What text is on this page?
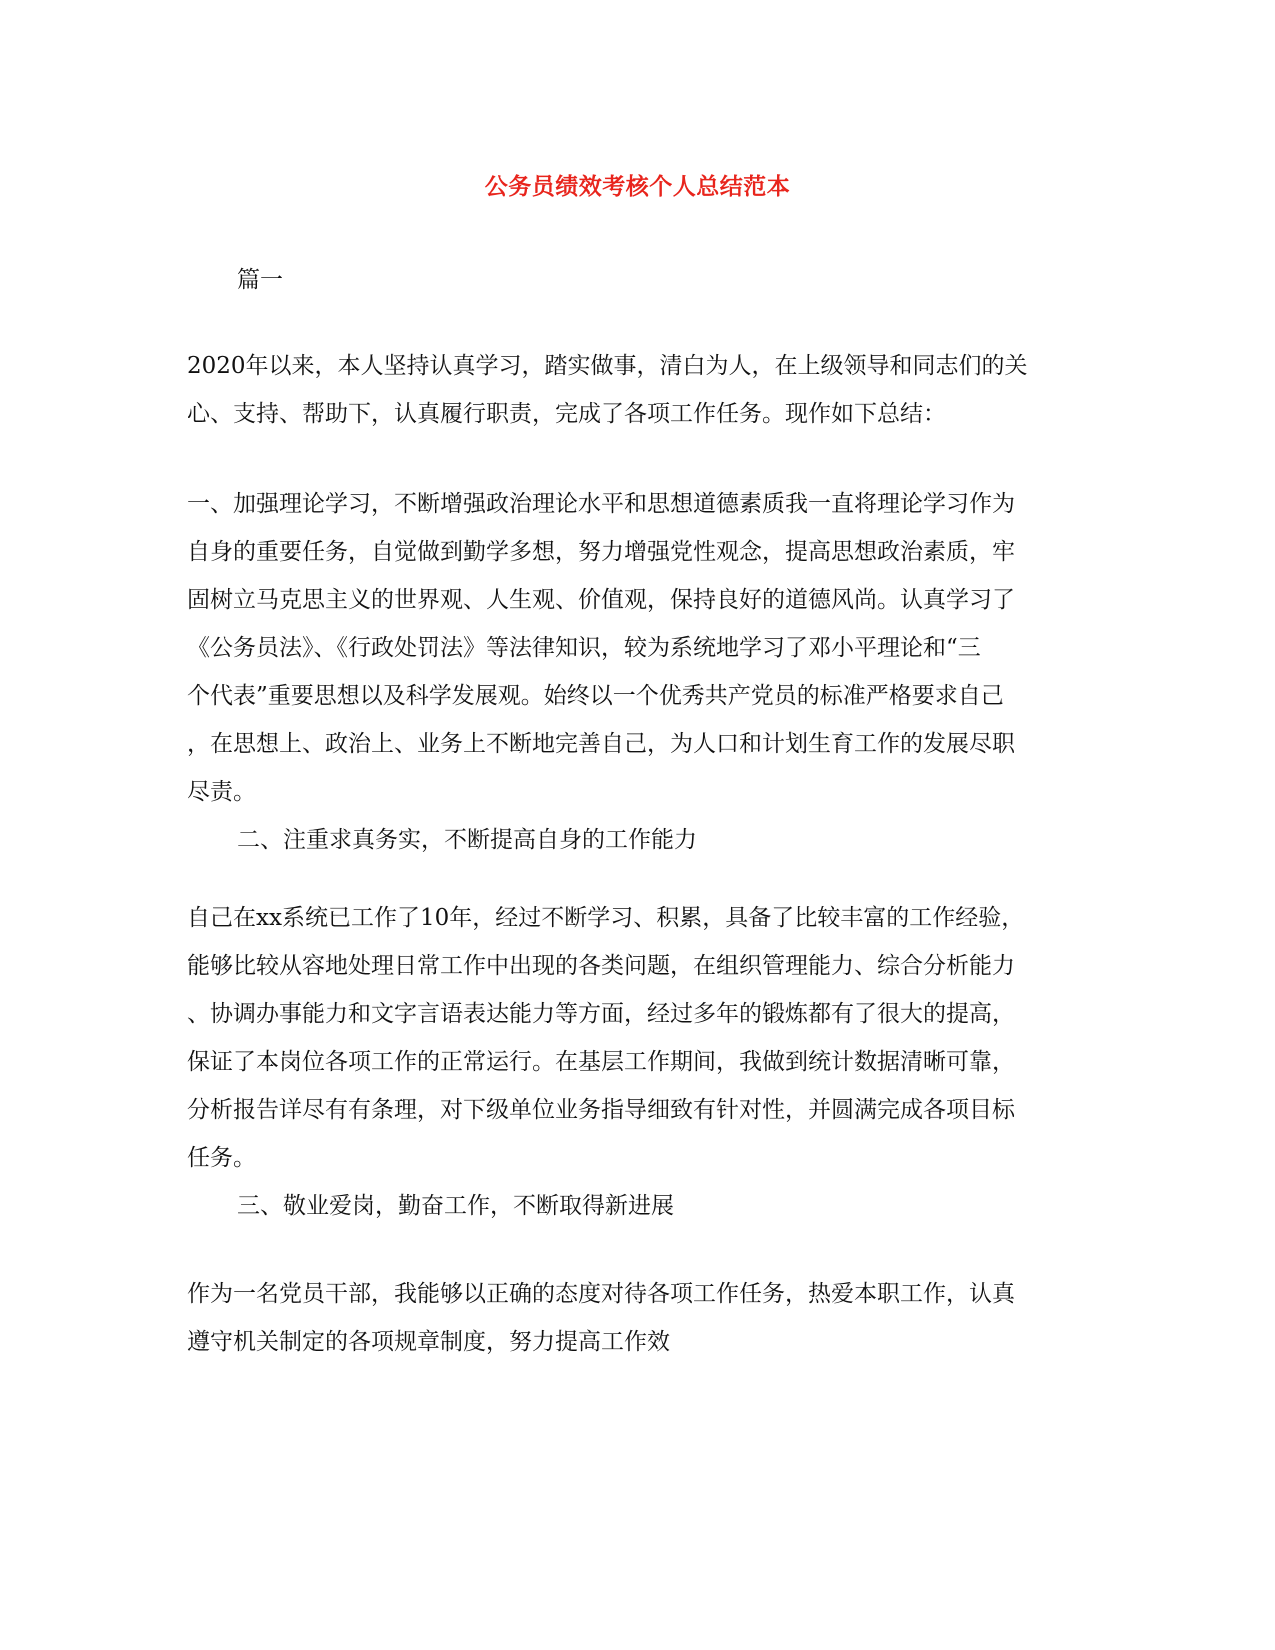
公务员绩效考核个人总结范本
篇一
2020年以来，本人坚持认真学习，踏实做事，清白为人，在上级领导和同志们的关
心、支持、帮助下，认真履行职责，完成了各项工作任务。现作如下总结：
一、加强理论学习，不断增强政治理论水平和思想道德素质我一直将理论学习作为
自身的重要任务，自觉做到勤学多想，努力增强党性观念，提高思想政治素质，牢
固树立马克思主义的世界观、人生观、价值观，保持良好的道德风尚。认真学习了
《公务员法》、《行政处罚法》等法律知识，较为系统地学习了邓小平理论和“三
个代表”重要思想以及科学发展观。始终以一个优秀共产党员的标准严格要求自己
，在思想上、政治上、业务上不断地完善自己，为人口和计划生育工作的发展尽职
尽责。
二、注重求真务实，不断提高自身的工作能力
自己在xx系统已工作了10年，经过不断学习、积累，具备了比较丰富的工作经验，
能够比较从容地处理日常工作中出现的各类问题，在组织管理能力、综合分析能力
、协调办事能力和文字言语表达能力等方面，经过多年的锻炼都有了很大的提高，
保证了本岗位各项工作的正常运行。在基层工作期间，我做到统计数据清晰可靠，
分析报告详尽有有条理，对下级单位业务指导细致有针对性，并圆满完成各项目标
任务。
三、敬业爱岗，勤奋工作，不断取得新进展
作为一名党员干部，我能够以正确的态度对待各项工作任务，热爱本职工作，认真
遵守机关制定的各项规章制度，努力提高工作效
